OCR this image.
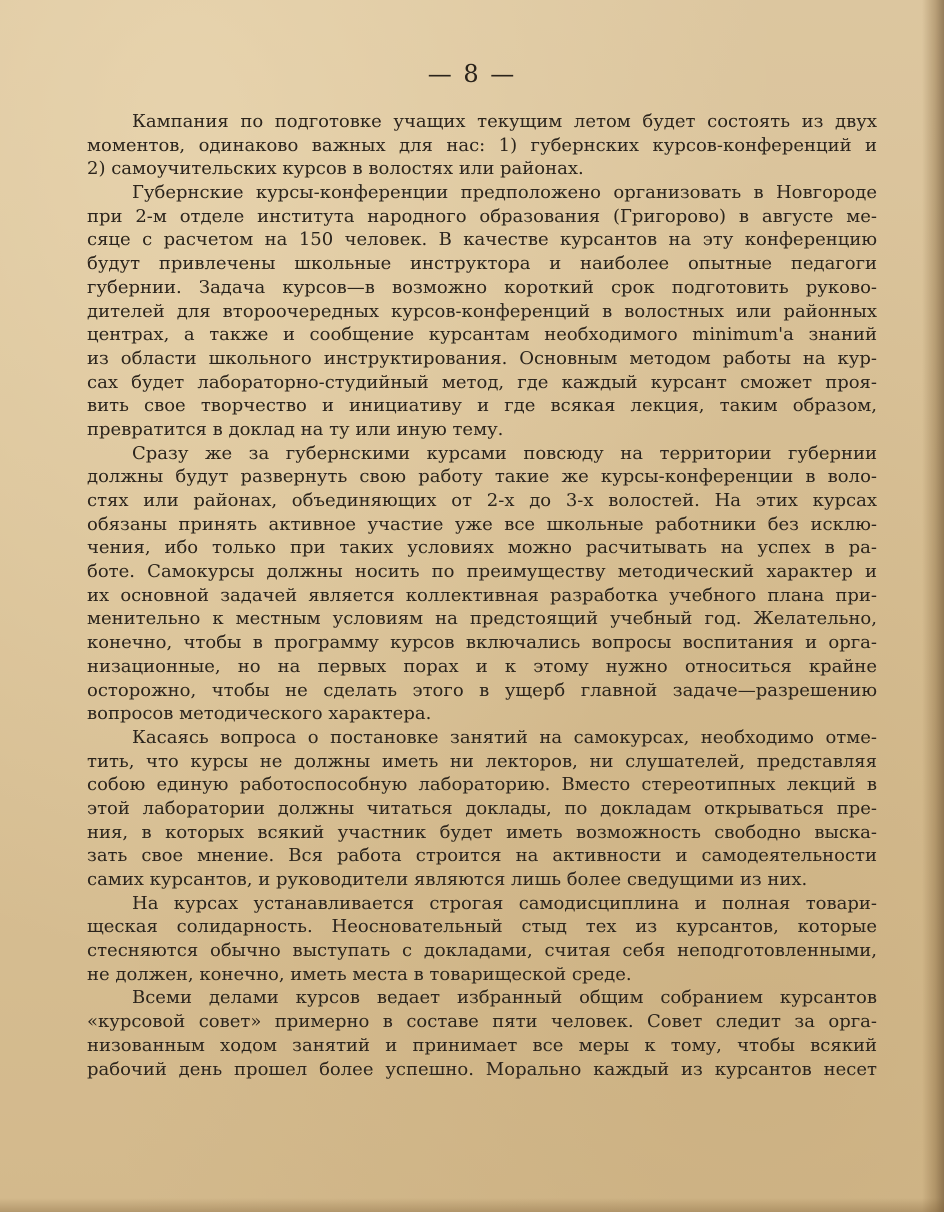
— 8 —
Кампания по подготовке учащих текущим летом будет состоять из двух
моментов, одинаково важных для нас: 1) губернских курсов-конференций и
2) самоучительских курсов в волостях или районах.
Губернские курсы-конференции предположено организовать в Новгороде
при 2-м отделе института народного образования (Григорово) в августе ме-
сяце с расчетом на 150 человек. В качестве курсантов на эту конференцию
будут привлечены школьные инструктора и наиболее опытные педагоги
губернии. Задача курсов—в возможно короткий срок подготовить руково-
дителей для второочередных курсов-конференций в волостных или районных
центрах, а также и сообщение курсантам необходимого minimum'a знаний
из области школьного инструктирования. Основным методом работы на кур-
сах будет лабораторно-студийный метод, где каждый курсант сможет проя-
вить свое творчество и инициативу и где всякая лекция, таким образом,
превратится в доклад на ту или иную тему.
Сразу же за губернскими курсами повсюду на территории губернии
должны будут развернуть свою работу такие же курсы-конференции в воло-
стях или районах, объединяющих от 2-х до 3-х волостей. На этих курсах
обязаны принять активное участие уже все школьные работники без исклю-
чения, ибо только при таких условиях можно расчитывать на успех в ра-
боте. Самокурсы должны носить по преимуществу методический характер и
их основной задачей является коллективная разработка учебного плана при-
менительно к местным условиям на предстоящий учебный год. Желательно,
конечно, чтобы в программу курсов включались вопросы воспитания и орга-
низационные, но на первых порах и к этому нужно относиться крайне
осторожно, чтобы не сделать этого в ущерб главной задаче—разрешению
вопросов методического характера.
Касаясь вопроса о постановке занятий на самокурсах, необходимо отме-
тить, что курсы не должны иметь ни лекторов, ни слушателей, представляя
собою единую работоспособную лабораторию. Вместо стереотипных лекций в
этой лаборатории должны читаться доклады, по докладам открываться пре-
ния, в которых всякий участник будет иметь возможность свободно выска-
зать свое мнение. Вся работа строится на активности и самодеятельности
самих курсантов, и руководители являются лишь более сведущими из них.
На курсах устанавливается строгая самодисциплина и полная товари-
щеская солидарность. Неосновательный стыд тех из курсантов, которые
стесняются обычно выступать с докладами, считая себя неподготовленными,
не должен, конечно, иметь места в товарищеской среде.
Всеми делами курсов ведает избранный общим собранием курсантов
«курсовой совет» примерно в составе пяти человек. Совет следит за орга-
низованным ходом занятий и принимает все меры к тому, чтобы всякий
рабочий день прошел более успешно. Морально каждый из курсантов несет
